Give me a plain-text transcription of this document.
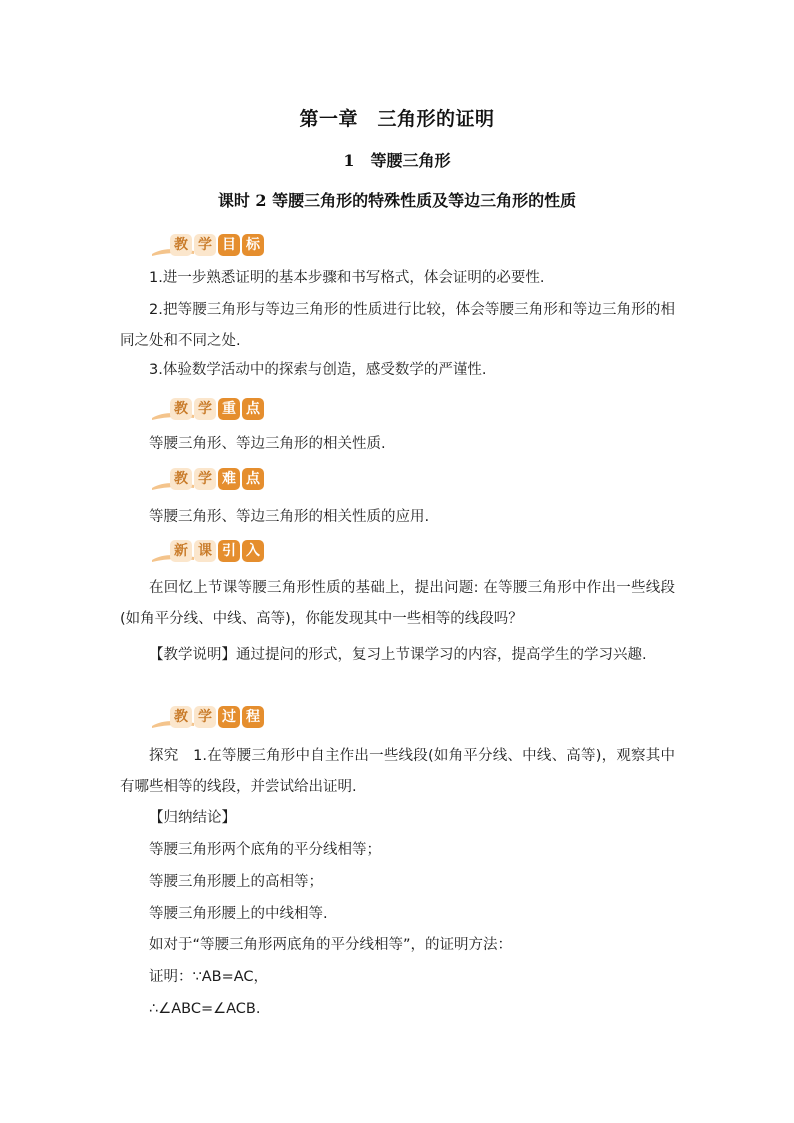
第一章　三角形的证明
1　等腰三角形
课时 2 等腰三角形的特殊性质及等边三角形的性质
教 学 目 标

1.进一步熟悉证明的基本步骤和书写格式，体会证明的必要性.

2.把等腰三角形与等边三角形的性质进行比较，体会等腰三角形和等边三角形的相同之处和不同之处.

3.体验数学活动中的探索与创造，感受数学的严谨性.

教 学 重 点

等腰三角形、等边三角形的相关性质.

教 学 难 点

等腰三角形、等边三角形的相关性质的应用.

新 课 引 入

在回忆上节课等腰三角形性质的基础上，提出问题: 在等腰三角形中作出一些线段(如角平分线、中线、高等)，你能发现其中一些相等的线段吗？

【教学说明】通过提问的形式，复习上节课学习的内容，提高学生的学习兴趣.

教 学 过 程

探究　1.在等腰三角形中自主作出一些线段(如角平分线、中线、高等)，观察其中有哪些相等的线段，并尝试给出证明.

【归纳结论】

等腰三角形两个底角的平分线相等；

等腰三角形腰上的高相等；

等腰三角形腰上的中线相等.

如对于“等腰三角形两底角的平分线相等”，的证明方法：

证明：∵AB=AC，

∴∠ABC=∠ACB.
